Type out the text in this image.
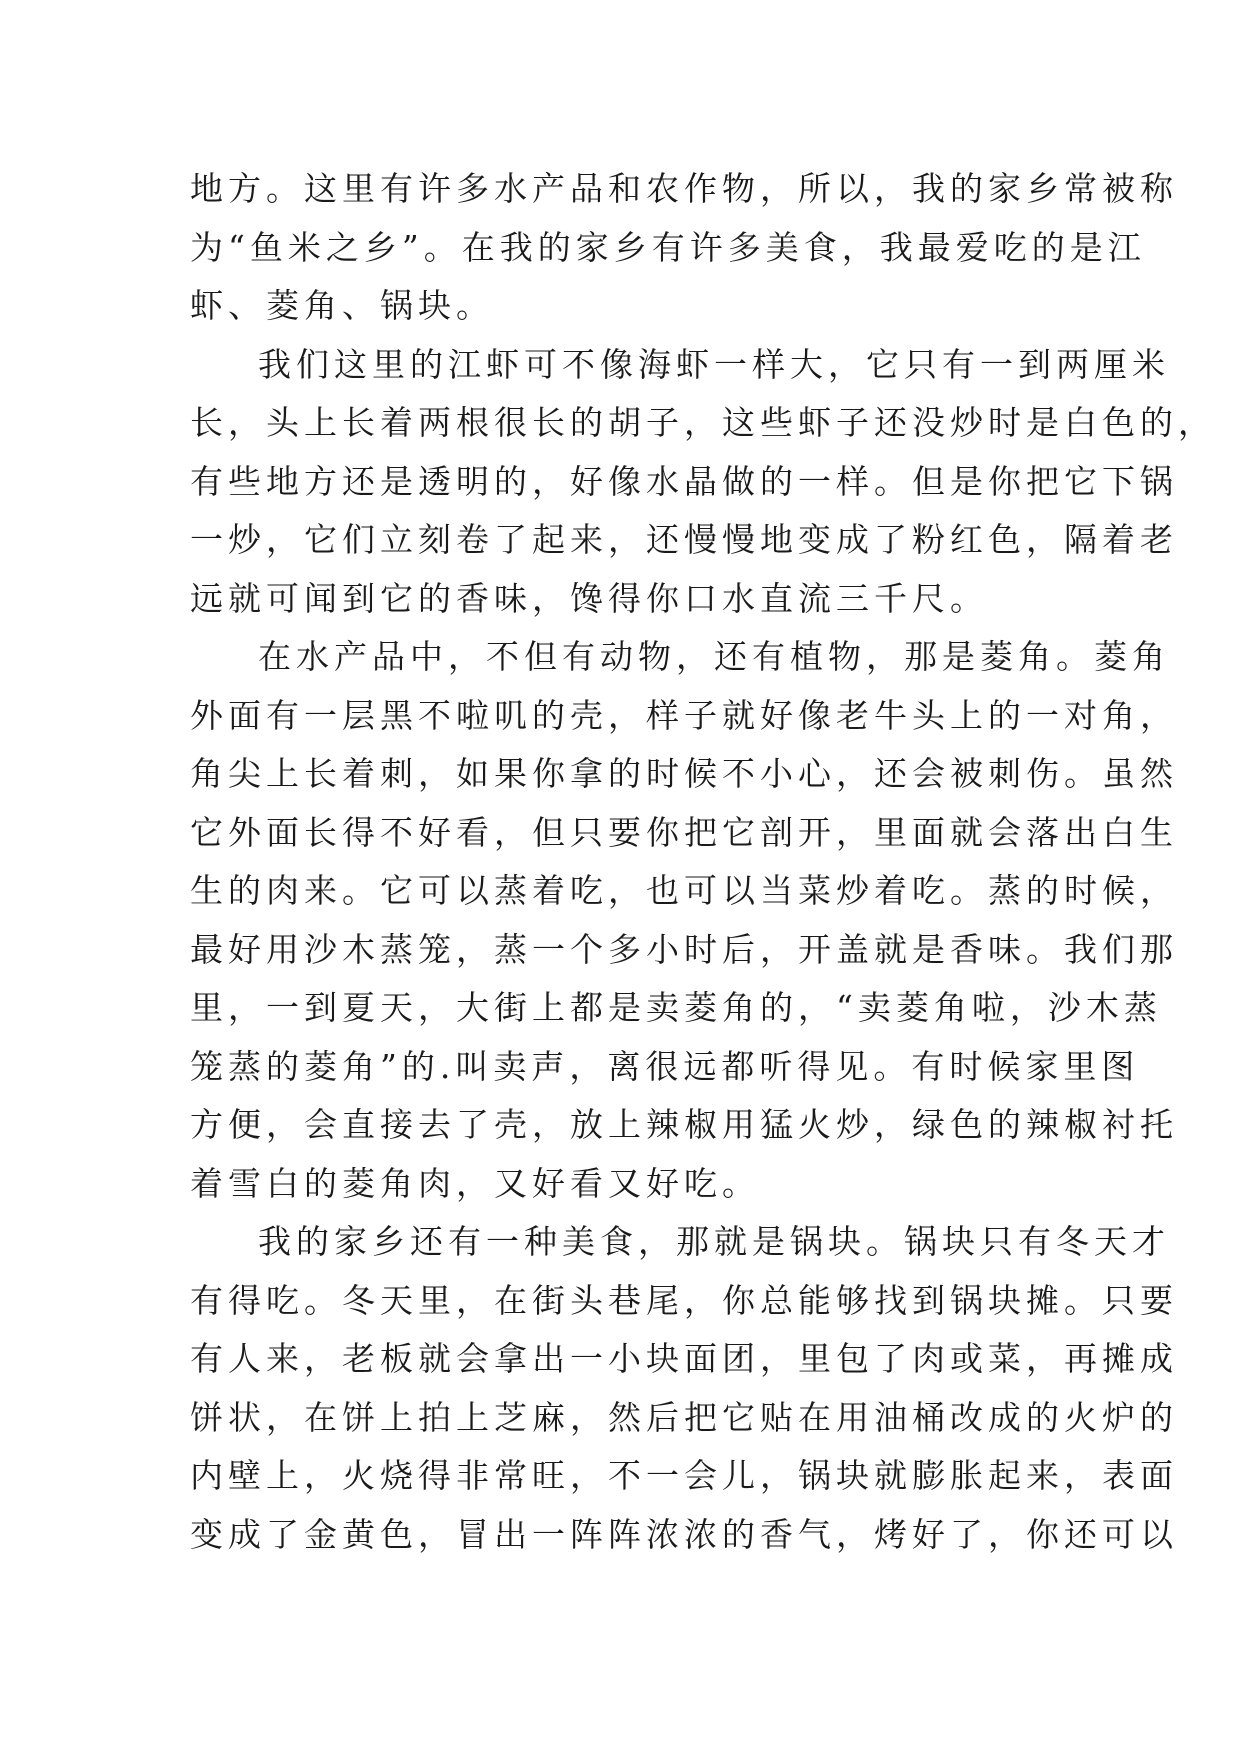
地方。这里有许多水产品和农作物，所以，我的家乡常被称
为“鱼米之乡”。在我的家乡有许多美食，我最爱吃的是江
虾、菱角、锅块。

我们这里的江虾可不像海虾一样大，它只有一到两厘米
长，头上长着两根很长的胡子，这些虾子还没炒时是白色的，
有些地方还是透明的，好像水晶做的一样。但是你把它下锅
一炒，它们立刻卷了起来，还慢慢地变成了粉红色，隔着老
远就可闻到它的香味，馋得你口水直流三千尺。

在水产品中，不但有动物，还有植物，那是菱角。菱角
外面有一层黑不啦叽的壳，样子就好像老牛头上的一对角，
角尖上长着刺，如果你拿的时候不小心，还会被刺伤。虽然
它外面长得不好看，但只要你把它剖开，里面就会落出白生
生的肉来。它可以蒸着吃，也可以当菜炒着吃。蒸的时候，
最好用沙木蒸笼，蒸一个多小时后，开盖就是香味。我们那
里，一到夏天，大街上都是卖菱角的，“卖菱角啦，沙木蒸
笼蒸的菱角”的.叫卖声，离很远都听得见。有时候家里图
方便，会直接去了壳，放上辣椒用猛火炒，绿色的辣椒衬托
着雪白的菱角肉，又好看又好吃。

我的家乡还有一种美食，那就是锅块。锅块只有冬天才
有得吃。冬天里，在街头巷尾，你总能够找到锅块摊。只要
有人来，老板就会拿出一小块面团，里包了肉或菜，再摊成
饼状，在饼上拍上芝麻，然后把它贴在用油桶改成的火炉的
内壁上，火烧得非常旺，不一会儿，锅块就膨胀起来，表面
变成了金黄色，冒出一阵阵浓浓的香气，烤好了，你还可以
